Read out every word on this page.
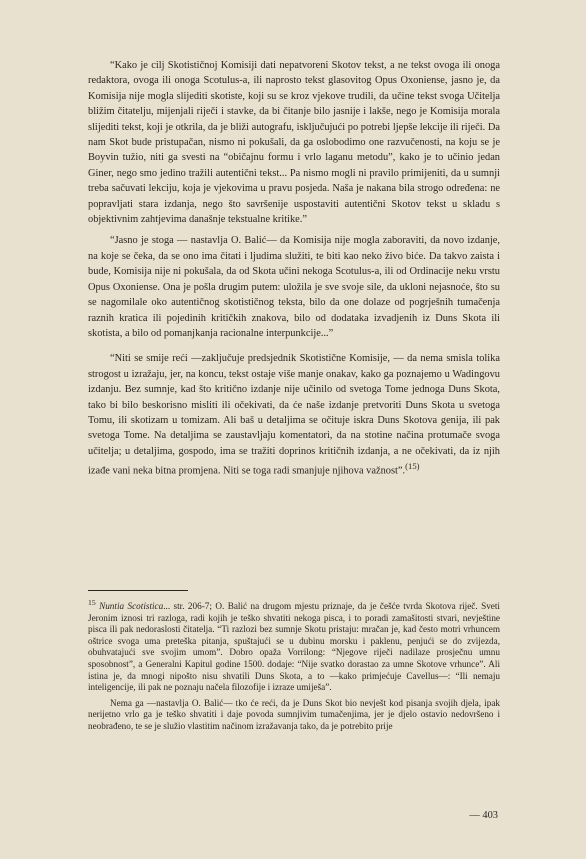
“Kako je cilj Skotističnoj Komisiji dati nepatvoreni Skotov tekst, a ne tekst ovoga ili onoga redaktora, ovoga ili onoga Scotulus-a, ili naprosto tekst glasovitog Opus Oxoniense, jasno je, da Komisija nije mogla slijediti skotiste, koji su se kroz vjekove trudili, da učine tekst svoga Učitelja bližim čitatelju, mijenjali riječi i stavke, da bi čitanje bilo jasnije i lakše, nego je Komisija morala slijediti tekst, koji je otkrila, da je bliži autografu, isključujući po potrebi ljepše lekcije ili riječi. Da nam Skot bude pristupačan, nismo ni pokušali, da ga oslobodimo one razvučenosti, na koju se je Boyvin tužio, niti ga svesti na “običajnu formu i vrlo laganu metodu”, kako je to učinio jedan Giner, nego smo jedino tražili autentični tekst... Pa nismo mogli ni pravilo primijeniti, da u sumnji treba sačuvati lekciju, koja je vjekovima u pravu posjeda. Naša je nakana bila strogo određena: ne popravljati stara izdanja, nego što savršenije uspostaviti autentični Skotov tekst u skladu s objektivnim zahtjevima današnje tekstualne kritike.”

“Jasno je stoga — nastavlja O. Balić— da Komisija nije mogla zaboraviti, da novo izdanje, na koje se čeka, da se ono ima čitati i ljudima služiti, te biti kao neko živo biće. Da takvo zaista i bude, Komisija nije ni pokušala, da od Skota učini nekoga Scotulus-a, ili od Ordinacije neku vrstu Opus Oxoniense. Ona je pošla drugim putem: uložila je sve svoje sile, da ukloni nejasnoće, što su se nagomilale oko autentičnog skotističnog teksta, bilo da one dolaze od pogrješnih tumačenja raznih kratica ili pojedinih kritičkih znakova, bilo od dodataka izvadjenih iz Duns Skota ili skotista, a bilo od pomanjkanja racionalne interpunkcije...”

“Niti se smije reći —zaključuje predsjednik Skotistične Komisije, — da nema smisla tolika strogost u izražaju, jer, na koncu, tekst ostaje više manje onakav, kako ga poznajemo u Wadingovu izdanju. Bez sumnje, kad što kritično izdanje nije učinilo od svetoga Tome jednoga Duns Skota, tako bi bilo beskorisno misliti ili očekivati, da će naše izdanje pretvoriti Duns Skota u svetoga Tomu, ili skotizam u tomizam. Ali baš u detaljima se očituje iskra Duns Skotova genija, ili pak svetoga Tome. Na detaljima se zaustavljaju komentatori, da na stotine načina protumače svoga učitelja; u detaljima, gospodo, ima se tražiti doprinos kritičnih izdanja, a ne očekivati, da iz njih izađe vani neka bitna promjena. Niti se toga radi smanjuje njihova važnost”.$^{(15)}$

$^{15}$ Nuntia Scotistica... str. 206-7; O. Balić na drugom mjestu priznaje, da je češće tvrda Skotova riječ. Sveti Jeronim iznosi tri razloga, radi kojih je teško shvatiti nekoga pisca, i to poradi zamašitosti stvari, nevještine pisca ili pak nedoraslosti čitatelja. “Ti razlozi bez sumnje Skotu pristaju: mračan je, kad često motri vrhuncem oštrice svoga uma preteška pitanja, spuštajući se u dubinu morsku i paklenu, penjući se do zvijezda, obuhvatajući sve svojim umom”. Dobro opaža Vorrilong: “Njegove riječi nadilaze prosječnu umnu sposobnost”, a Generalni Kapitul godine 1500. dodaje: “Nije svatko dorastao za umne Skotove vrhunce”. Ali istina je, da mnogi nipošto nisu shvatili Duns Skota, a to —kako primjećuje Cavellus—: “Ili nemaju inteligencije, ili pak ne poznaju načela filozofije i izraze umiješa”.

Nema ga —nastavlja O. Balić— tko će reći, da je Duns Skot bio nevješt kod pisanja svojih djela, ipak nerijetno vrlo ga je teško shvatiti i daje povoda sumnjivim tumačenjima, jer je djelo ostavio nedovršeno i neobrađeno, te se je služio vlastitim načinom izražavanja tako, da je potrebito prije

— 403
